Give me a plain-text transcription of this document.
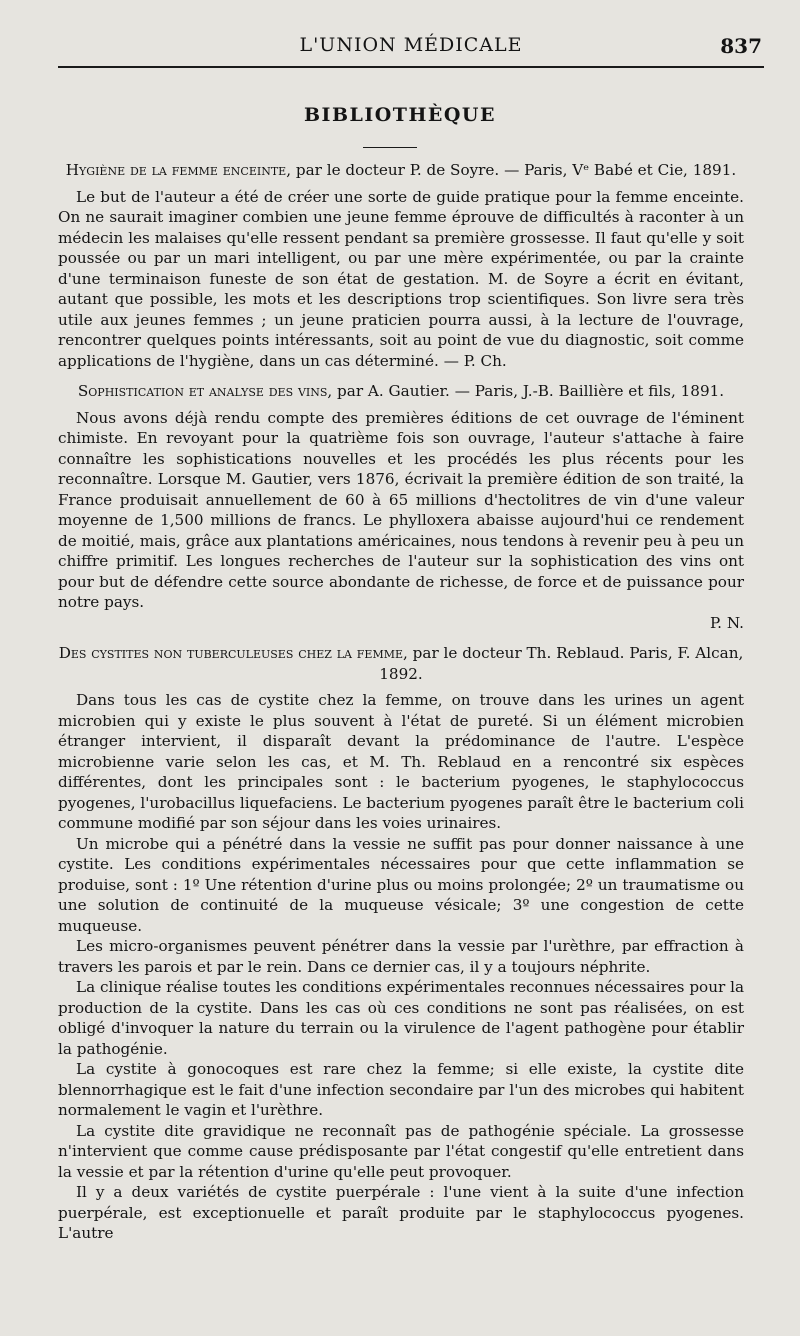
L'UNION MÉDICALE	837
BIBLIOTHÈQUE
Hygiène de la femme enceinte, par le docteur P. de Soyre. — Paris, Vᵉ Babé et Cie, 1891.

Le but de l'auteur a été de créer une sorte de guide pratique pour la femme enceinte. On ne saurait imaginer combien une jeune femme éprouve de difficultés à raconter à un médecin les malaises qu'elle ressent pendant sa première grossesse. Il faut qu'elle y soit poussée ou par un mari intelligent, ou par une mère expérimentée, ou par la crainte d'une terminaison funeste de son état de gestation. M. de Soyre a écrit en évitant, autant que possible, les mots et les descriptions trop scientifiques. Son livre sera très utile aux jeunes femmes ; un jeune praticien pourra aussi, à la lecture de l'ouvrage, rencontrer quelques points intéressants, soit au point de vue du diagnostic, soit comme applications de l'hygiène, dans un cas déterminé. — P. Ch.

Sophistication et analyse des vins, par A. Gautier. — Paris, J.-B. Baillière et fils, 1891.

Nous avons déjà rendu compte des premières éditions de cet ouvrage de l'éminent chimiste. En revoyant pour la quatrième fois son ouvrage, l'auteur s'attache à faire connaître les sophistications nouvelles et les procédés les plus récents pour les reconnaître. Lorsque M. Gautier, vers 1876, écrivait la première édition de son traité, la France produisait annuellement de 60 à 65 millions d'hectolitres de vin d'une valeur moyenne de 1,500 millions de francs. Le phylloxera abaisse aujourd'hui ce rendement de moitié, mais, grâce aux plantations américaines, nous tendons à revenir peu à peu un chiffre primitif. Les longues recherches de l'auteur sur la sophistication des vins ont pour but de défendre cette source abondante de richesse, de force et de puissance pour notre pays.

P. N.
Des cystites non tuberculeuses chez la femme, par le docteur Th. Reblaud. Paris, F. Alcan, 1892.

Dans tous les cas de cystite chez la femme, on trouve dans les urines un agent microbien qui y existe le plus souvent à l'état de pureté. Si un élément microbien étranger intervient, il disparaît devant la prédominance de l'autre. L'espèce microbienne varie selon les cas, et M. Th. Reblaud en a rencontré six espèces différentes, dont les principales sont : le bacterium pyogenes, le staphylococcus pyogenes, l'urobacillus liquefaciens. Le bacterium pyogenes paraît être le bacterium coli commune modifié par son séjour dans les voies urinaires.

Un microbe qui a pénétré dans la vessie ne suffit pas pour donner naissance à une cystite. Les conditions expérimentales nécessaires pour que cette inflammation se produise, sont : 1º Une rétention d'urine plus ou moins prolongée; 2º un traumatisme ou une solution de continuité de la muqueuse vésicale; 3º une congestion de cette muqueuse.

Les micro-organismes peuvent pénétrer dans la vessie par l'urèthre, par effraction à travers les parois et par le rein. Dans ce dernier cas, il y a toujours néphrite.

La clinique réalise toutes les conditions expérimentales reconnues nécessaires pour la production de la cystite. Dans les cas où ces conditions ne sont pas réalisées, on est obligé d'invoquer la nature du terrain ou la virulence de l'agent pathogène pour établir la pathogénie.

La cystite à gonocoques est rare chez la femme; si elle existe, la cystite dite blennorrhagique est le fait d'une infection secondaire par l'un des microbes qui habitent normalement le vagin et l'urèthre.

La cystite dite gravidique ne reconnaît pas de pathogénie spéciale. La grossesse n'intervient que comme cause prédisposante par l'état congestif qu'elle entretient dans la vessie et par la rétention d'urine qu'elle peut provoquer.

Il y a deux variétés de cystite puerpérale : l'une vient à la suite d'une infection puerpérale, est exceptionuelle et paraît produite par le staphylococcus pyogenes. L'autre
